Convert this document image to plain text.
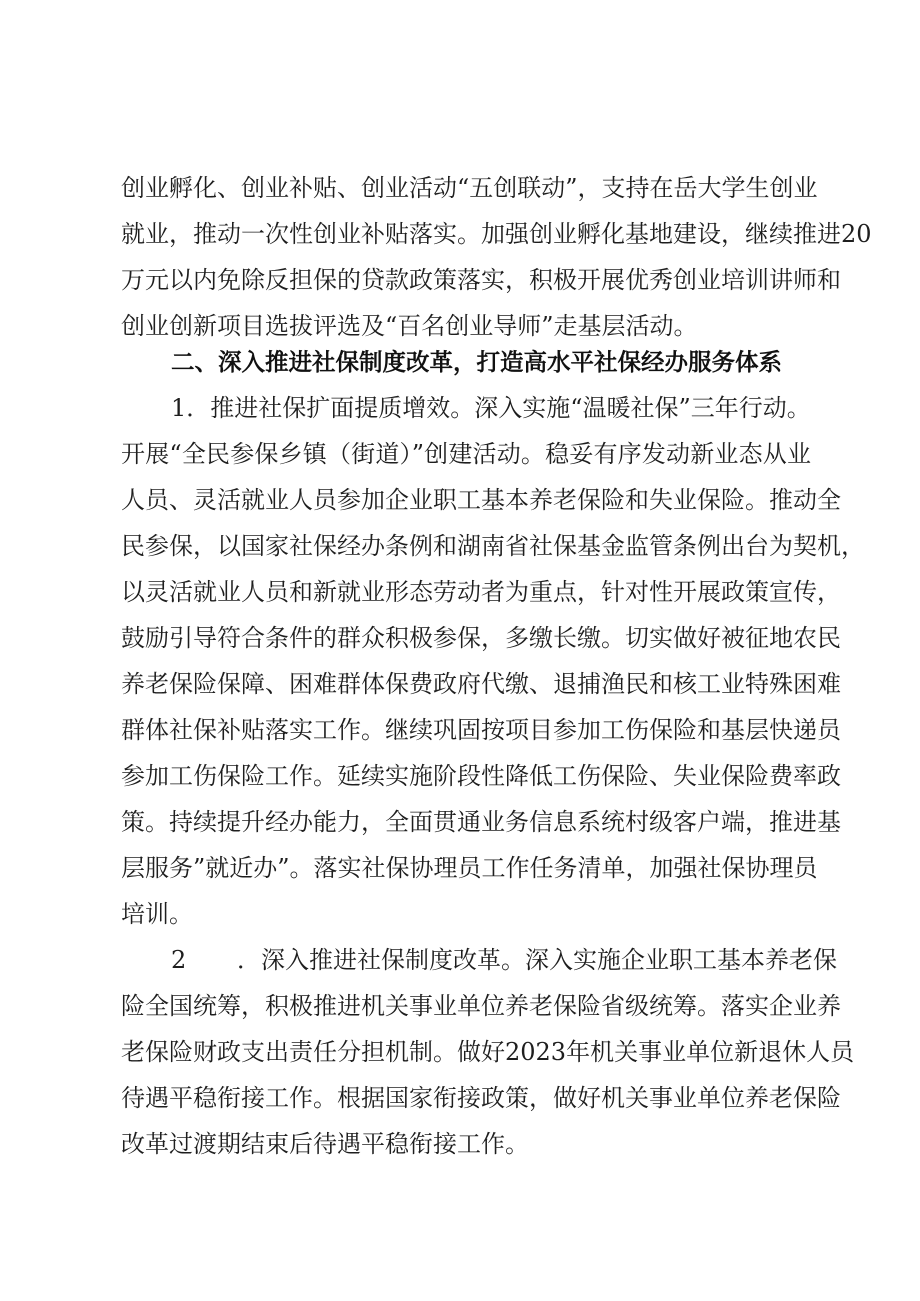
创业孵化、创业补贴、创业活动“五创联动”，支持在岳大学生创业
就业，推动一次性创业补贴落实。加强创业孵化基地建设，继续推进20
万元以内免除反担保的贷款政策落实，积极开展优秀创业培训讲师和
创业创新项目选拔评选及“百名创业导师”走基层活动。
二、深入推进社保制度改革，打造高水平社保经办服务体系
1．推进社保扩面提质增效。深入实施“温暖社保”三年行动。
开展“全民参保乡镇（街道）”创建活动。稳妥有序发动新业态从业
人员、灵活就业人员参加企业职工基本养老保险和失业保险。推动全
民参保，以国家社保经办条例和湖南省社保基金监管条例出台为契机，
以灵活就业人员和新就业形态劳动者为重点，针对性开展政策宣传，
鼓励引导符合条件的群众积极参保，多缴长缴。切实做好被征地农民
养老保险保障、困难群体保费政府代缴、退捕渔民和核工业特殊困难
群体社保补贴落实工作。继续巩固按项目参加工伤保险和基层快递员
参加工伤保险工作。延续实施阶段性降低工伤保险、失业保险费率政
策。持续提升经办能力，全面贯通业务信息系统村级客户端，推进基
层服务”就近办”。落实社保协理员工作任务清单，加强社保协理员
培训。
2	．深入推进社保制度改革。深入实施企业职工基本养老保
险全国统筹，积极推进机关事业单位养老保险省级统筹。落实企业养
老保险财政支出责任分担机制。做好2023年机关事业单位新退休人员
待遇平稳衔接工作。根据国家衔接政策，做好机关事业单位养老保险
改革过渡期结束后待遇平稳衔接工作。
